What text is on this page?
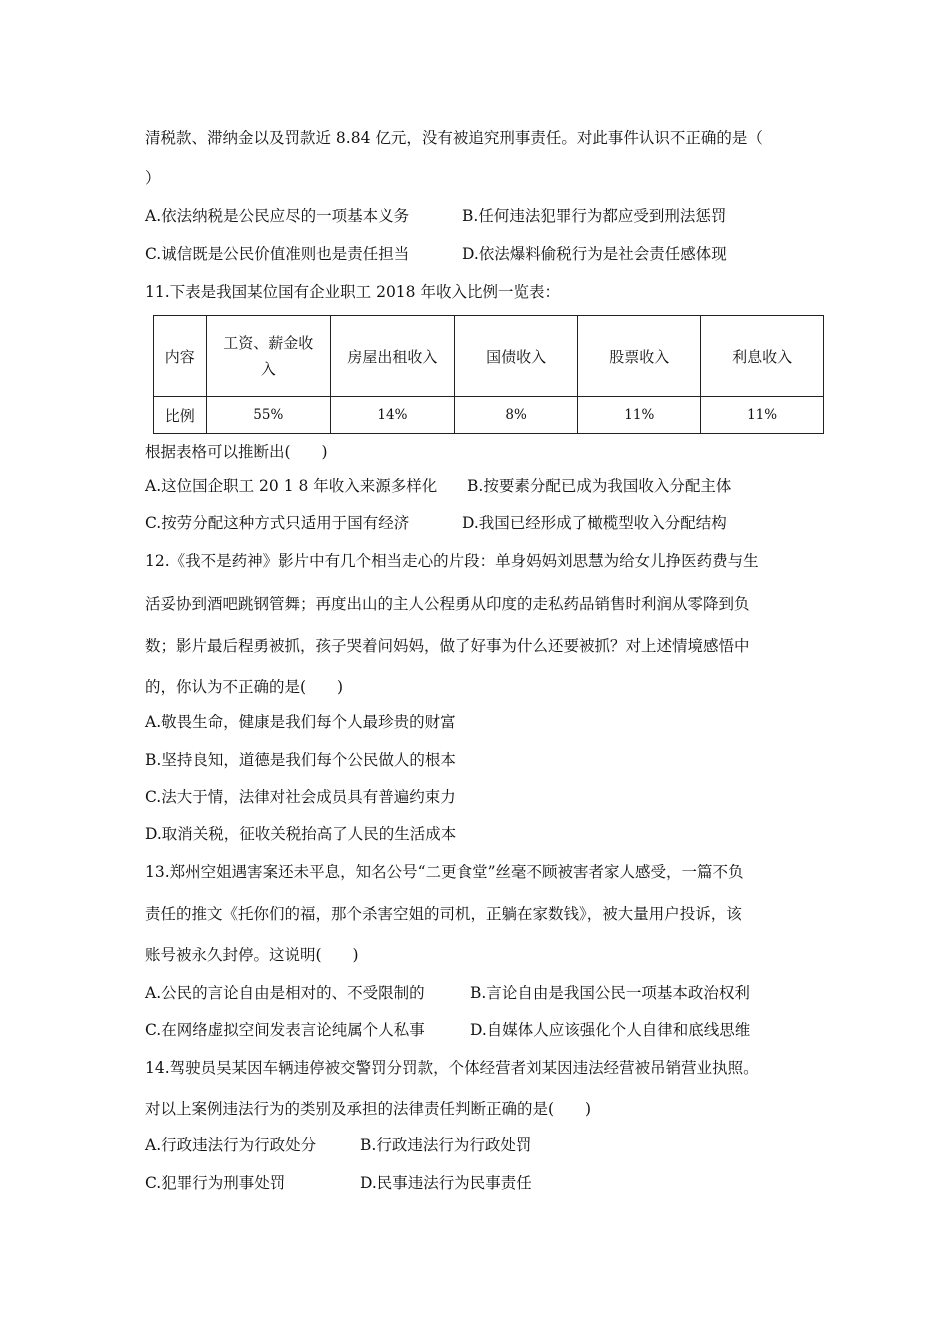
清税款、滞纳金以及罚款近 8.84 亿元，没有被追究刑事责任。对此事件认识不正确的是（
）
A.依法纳税是公民应尽的一项基本义务	B.任何违法犯罪行为都应受到刑法惩罚
C.诚信既是公民价值准则也是责任担当	D.依法爆料偷税行为是社会责任感体现
11.下表是我国某位国有企业职工 2018 年收入比例一览表：
内容	工资、薪金收入	房屋出租收入	国债收入	股票收入	利息收入
比例	55%	14%	8%	11%	11%
根据表格可以推断出(　　)
A.这位国企职工 20 1 8 年收入来源多样化 B.按要素分配已成为我国收入分配主体
C.按劳分配这种方式只适用于国有经济	D.我国已经形成了橄榄型收入分配结构
12.《我不是药神》影片中有几个相当走心的片段：单身妈妈刘思慧为给女儿挣医药费与生
活妥协到酒吧跳钢管舞；再度出山的主人公程勇从印度的走私药品销售时利润从零降到负
数；影片最后程勇被抓，孩子哭着问妈妈，做了好事为什么还要被抓？对上述情境感悟中
的，你认为不正确的是(　　)
A.敬畏生命，健康是我们每个人最珍贵的财富
B.坚持良知，道德是我们每个公民做人的根本
C.法大于情，法律对社会成员具有普遍约束力
D.取消关税，征收关税抬高了人民的生活成本
13.郑州空姐遇害案还未平息，知名公号“二更食堂”丝毫不顾被害者家人感受，一篇不负
责任的推文《托你们的福，那个杀害空姐的司机，正躺在家数钱》，被大量用户投诉，该
账号被永久封停。这说明(　　)
A.公民的言论自由是相对的、不受限制的	B.言论自由是我国公民一项基本政治权利
C.在网络虚拟空间发表言论纯属个人私事	D.自媒体人应该强化个人自律和底线思维
14.驾驶员吴某因车辆违停被交警罚分罚款，个体经营者刘某因违法经营被吊销营业执照。
对以上案例违法行为的类别及承担的法律责任判断正确的是(　　)
A.行政违法行为行政处分	B.行政违法行为行政处罚
C.犯罪行为刑事处罚	D.民事违法行为民事责任
